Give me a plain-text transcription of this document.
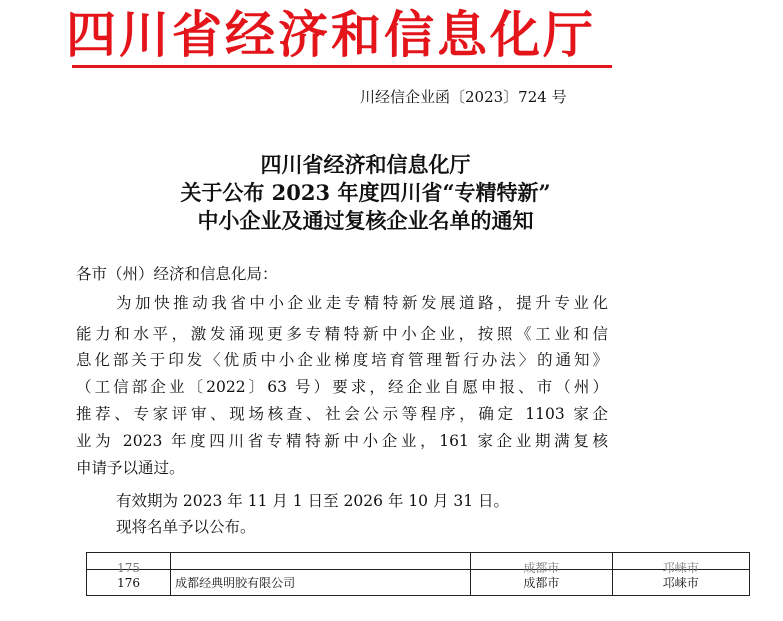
四川省经济和信息化厅
川经信企业函〔2023〕724 号
四川省经济和信息化厅
关于公布 2023 年度四川省“专精特新”
中小企业及通过复核企业名单的通知
各市（州）经济和信息化局：
为加快推动我省中小企业走专精特新发展道路，提升专业化
能力和水平，激发涌现更多专精特新中小企业，按照《工业和信
息化部关于印发〈优质中小企业梯度培育管理暂行办法〉的通知》
（工信部企业〔2022〕63 号）要求，经企业自愿申报、市（州）
推荐、专家评审、现场核查、社会公示等程序，确定 1103 家企
业为 2023 年度四川省专精特新中小企业，161 家企业期满复核
申请予以通过。
有效期为 2023 年 11 月 1 日至 2026 年 10 月 31 日。
现将名单予以公布。
175		成都市	邛崃市

176	成都经典明胶有限公司	成都市	邛崃市
